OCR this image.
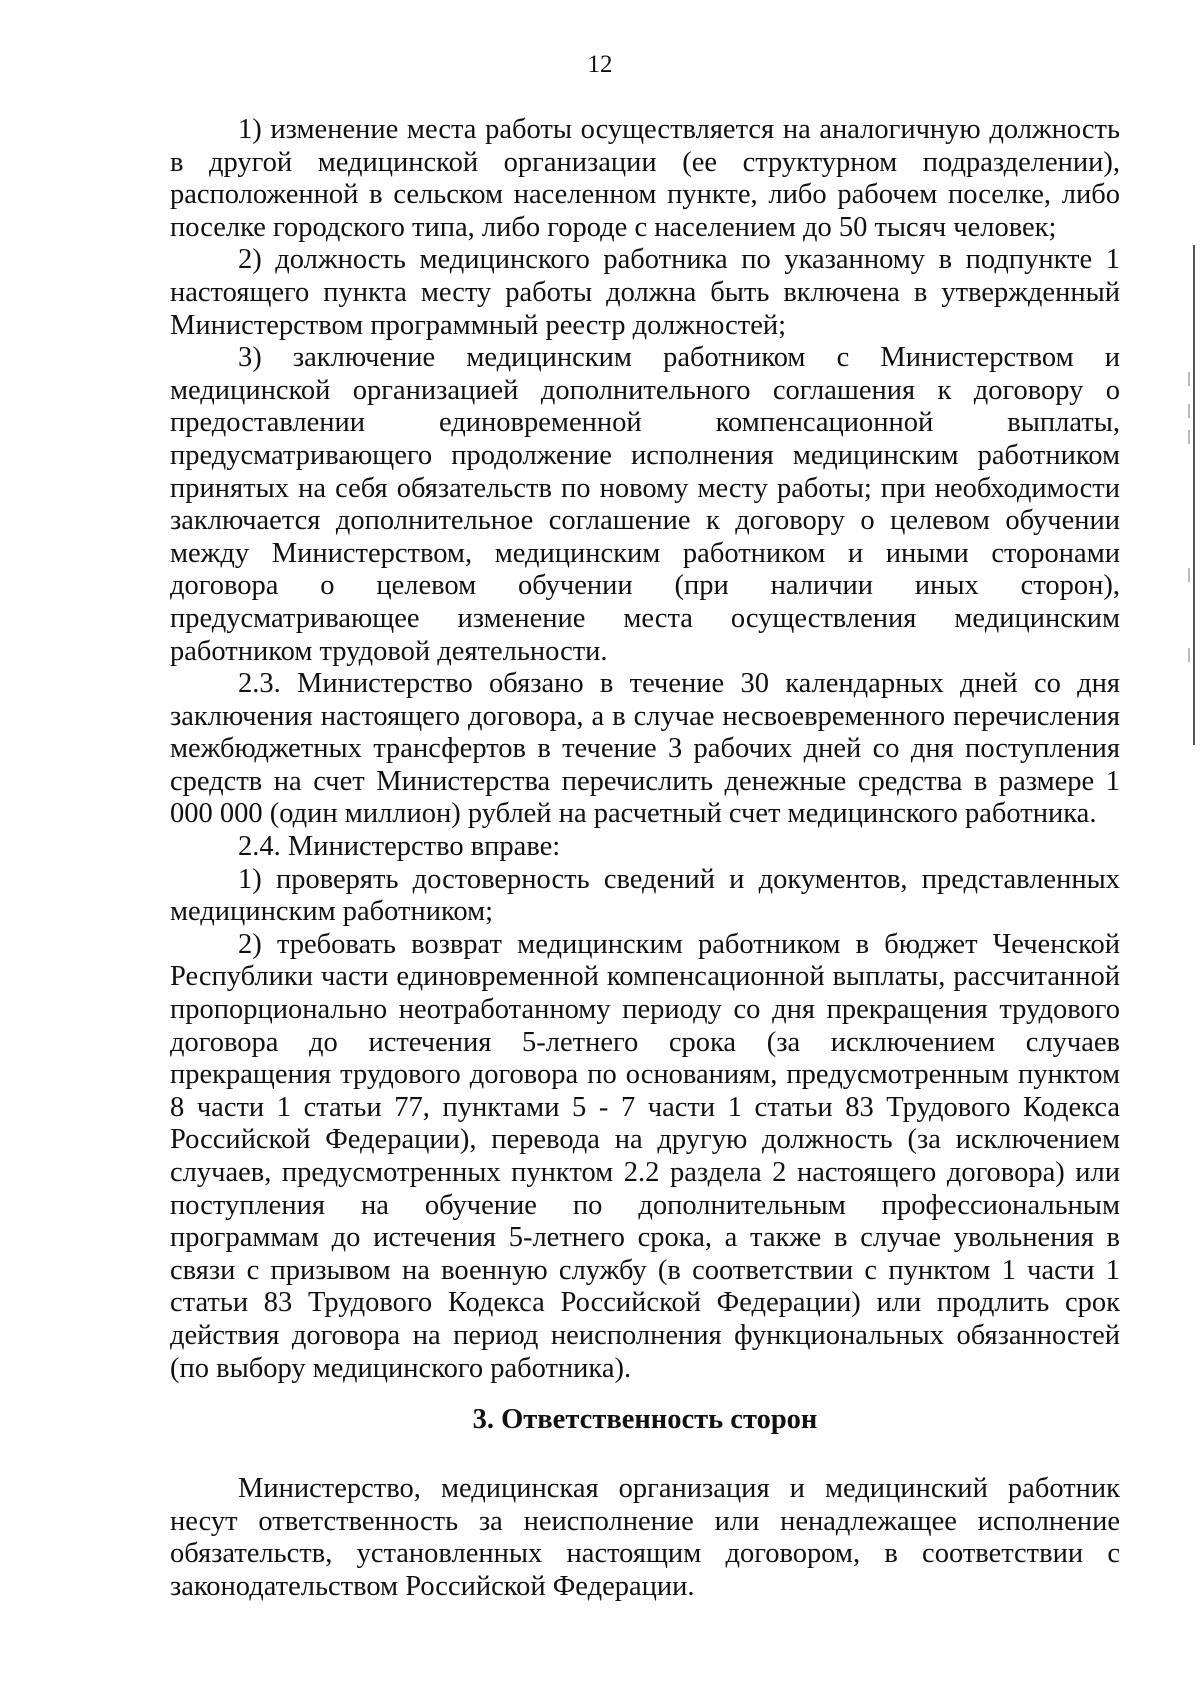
12

1) изменение места работы осуществляется на аналогичную должность в другой медицинской организации (ее структурном подразделении), расположенной в сельском населенном пункте, либо рабочем поселке, либо поселке городского типа, либо городе с населением до 50 тысяч человек;

2) должность медицинского работника по указанному в подпункте 1 настоящего пункта месту работы должна быть включена в утвержденный Министерством программный реестр должностей;

3) заключение медицинским работником с Министерством и медицинской организацией дополнительного соглашения к договору о предоставлении единовременной компенсационной выплаты, предусматривающего продолжение исполнения медицинским работником принятых на себя обязательств по новому месту работы; при необходимости заключается дополнительное соглашение к договору о целевом обучении между Министерством, медицинским работником и иными сторонами договора о целевом обучении (при наличии иных сторон), предусматривающее изменение места осуществления медицинским работником трудовой деятельности.

2.3. Министерство обязано в течение 30 календарных дней со дня заключения настоящего договора, а в случае несвоевременного перечисления межбюджетных трансфертов в течение 3 рабочих дней со дня поступления средств на счет Министерства перечислить денежные средства в размере 1 000 000 (один миллион) рублей на расчетный счет медицинского работника.

2.4. Министерство вправе:

1) проверять достоверность сведений и документов, представленных медицинским работником;

2) требовать возврат медицинским работником в бюджет Чеченской Республики части единовременной компенсационной выплаты, рассчитанной пропорционально неотработанному периоду со дня прекращения трудового договора до истечения 5-летнего срока (за исключением случаев прекращения трудового договора по основаниям, предусмотренным пунктом 8 части 1 статьи 77, пунктами 5 - 7 части 1 статьи 83 Трудового Кодекса Российской Федерации), перевода на другую должность (за исключением случаев, предусмотренных пунктом 2.2 раздела 2 настоящего договора) или поступления на обучение по дополнительным профессиональным программам до истечения 5-летнего срока, а также в случае увольнения в связи с призывом на военную службу (в соответствии с пунктом 1 части 1 статьи 83 Трудового Кодекса Российской Федерации) или продлить срок действия договора на период неисполнения функциональных обязанностей (по выбору медицинского работника).

3. Ответственность сторон

Министерство, медицинская организация и медицинский работник несут ответственность за неисполнение или ненадлежащее исполнение обязательств, установленных настоящим договором, в соответствии с законодательством Российской Федерации.
